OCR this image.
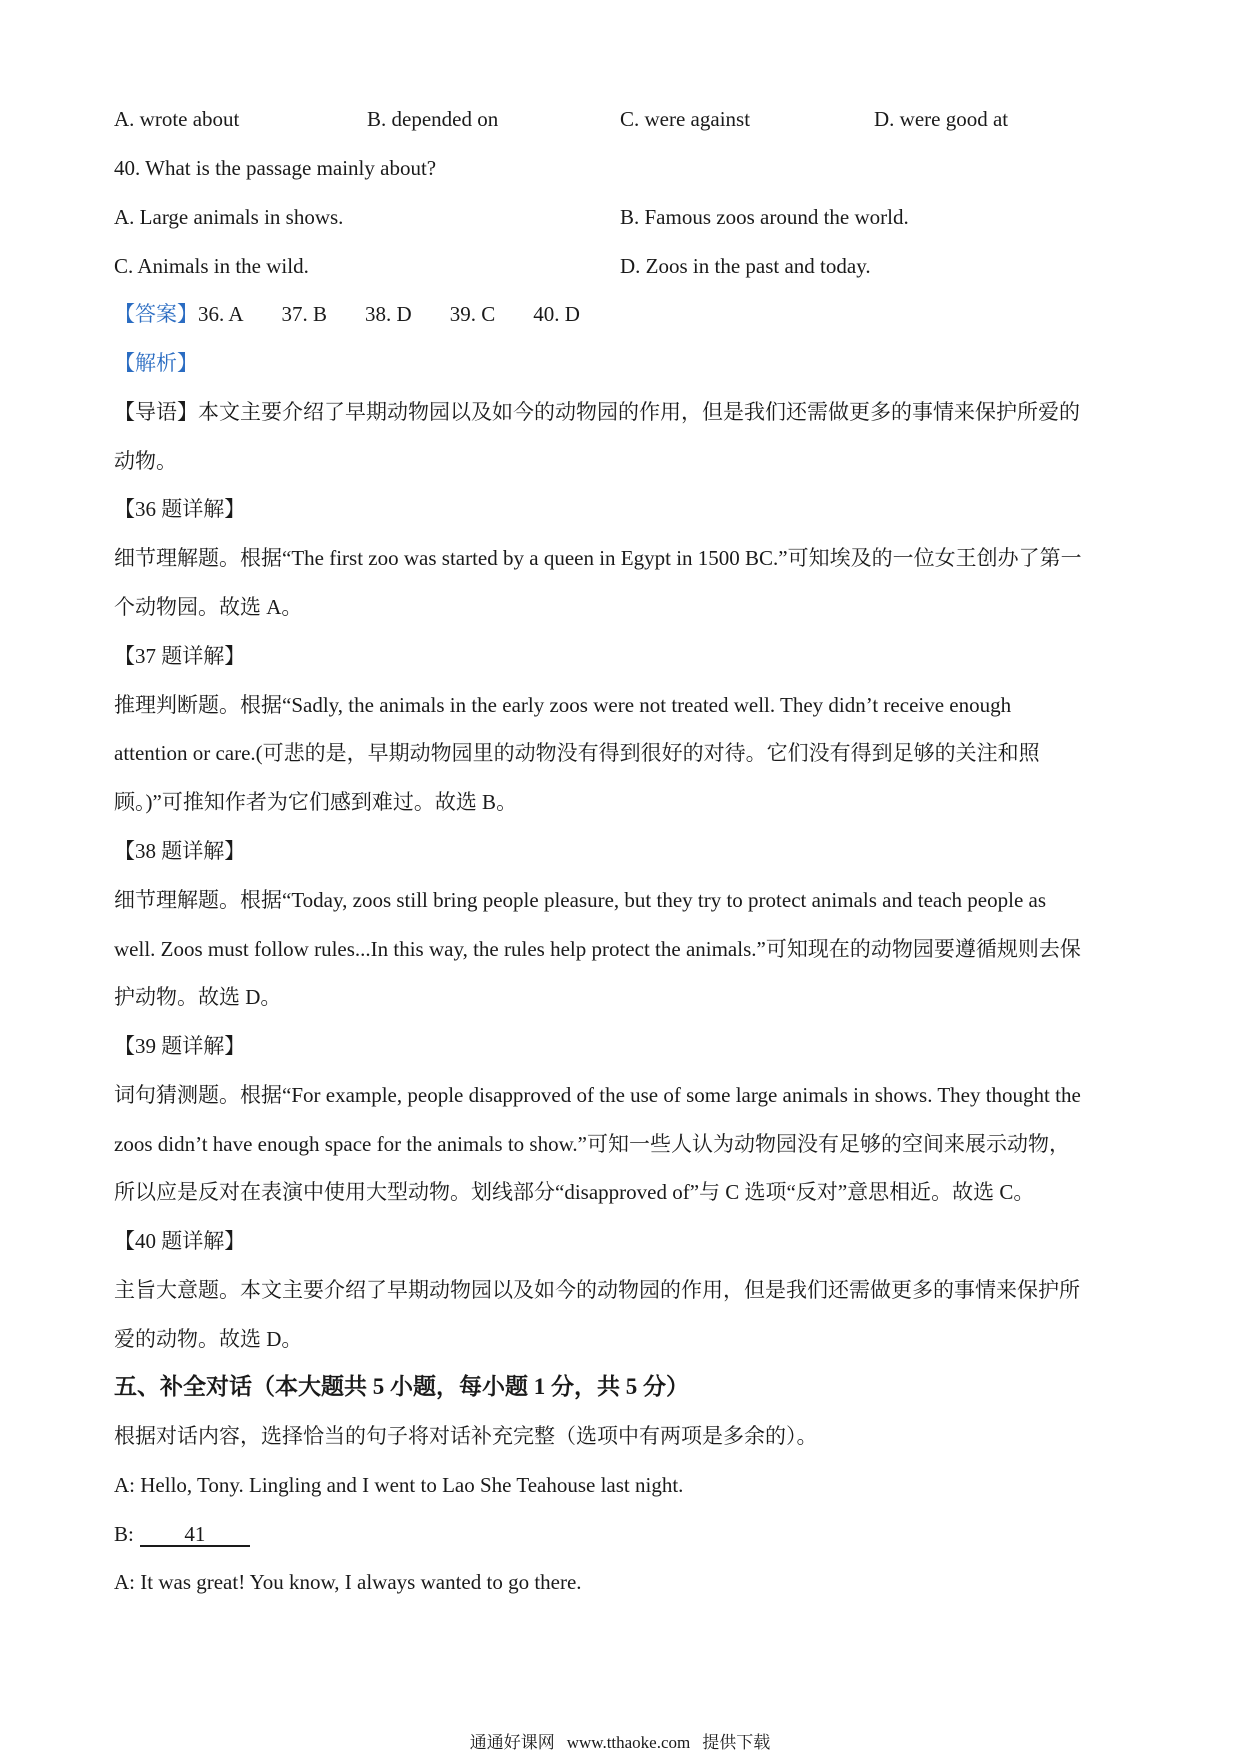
A. wrote about	B. depended on	C. were against	D. were good at
40. What is the passage mainly about?
A. Large animals in shows.	B. Famous zoos around the world.
C. Animals in the wild.	D. Zoos in the past and today.
【答案】36. A 37. B 38. D 39. C 40. D
【解析】
【导语】本文主要介绍了早期动物园以及如今的动物园的作用，但是我们还需做更多的事情来保护所爱的
动物。
【36 题详解】
细节理解题。根据“The first zoo was started by a queen in Egypt in 1500 BC.”可知埃及的一位女王创办了第一
个动物园。故选 A。
【37 题详解】
推理判断题。根据“Sadly, the animals in the early zoos were not treated well. They didn’t receive enough
attention or care.(可悲的是，早期动物园里的动物没有得到很好的对待。它们没有得到足够的关注和照
顾。)”可推知作者为它们感到难过。故选 B。
【38 题详解】
细节理解题。根据“Today, zoos still bring people pleasure, but they try to protect animals and teach people as
well. Zoos must follow rules...In this way, the rules help protect the animals.”可知现在的动物园要遵循规则去保
护动物。故选 D。
【39 题详解】
词句猜测题。根据“For example, people disapproved of the use of some large animals in shows. They thought the
zoos didn’t have enough space for the animals to show.”可知一些人认为动物园没有足够的空间来展示动物，
所以应是反对在表演中使用大型动物。划线部分“disapproved of”与 C 选项“反对”意思相近。故选 C。
【40 题详解】
主旨大意题。本文主要介绍了早期动物园以及如今的动物园的作用，但是我们还需做更多的事情来保护所
爱的动物。故选 D。
五、补全对话（本大题共 5 小题，每小题 1 分，共 5 分）
根据对话内容，选择恰当的句子将对话补充完整（选项中有两项是多余的）。
A: Hello, Tony. Lingling and I went to Lao She Teahouse last night.
B: 41
A: It was great! You know, I always wanted to go there.
通通好课网 www.tthaoke.com 提供下载
